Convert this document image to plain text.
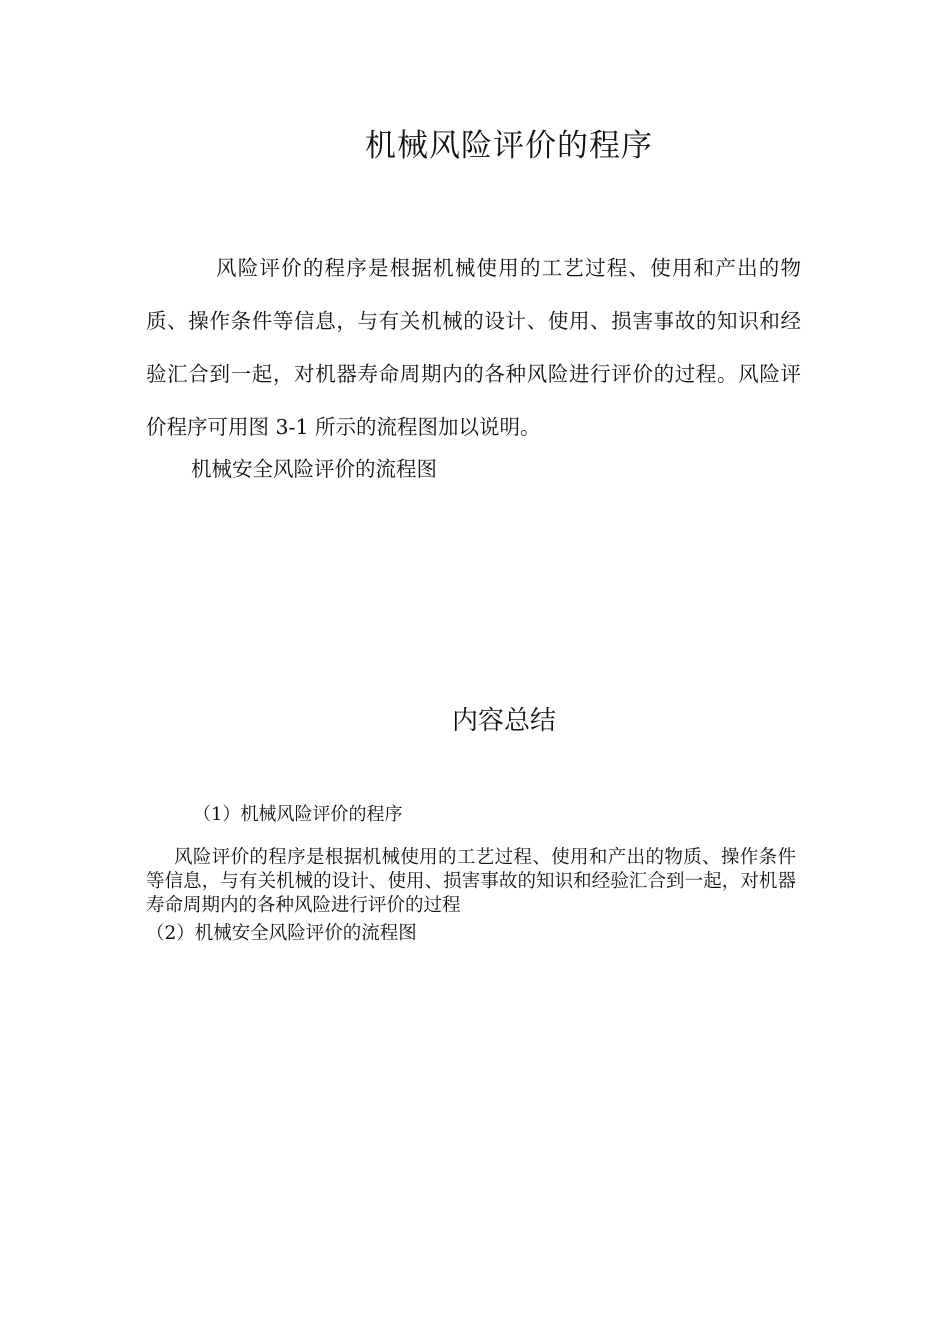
机械风险评价的程序

风险评价的程序是根据机械使用的工艺过程、使用和产出的物质、操作条件等信息，与有关机械的设计、使用、损害事故的知识和经验汇合到一起，对机器寿命周期内的各种风险进行评价的过程。风险评价程序可用图 3-1 所示的流程图加以说明。

机械安全风险评价的流程图

内容总结

（1）机械风险评价的程序

风险评价的程序是根据机械使用的工艺过程、使用和产出的物质、操作条件等信息，与有关机械的设计、使用、损害事故的知识和经验汇合到一起，对机器寿命周期内的各种风险进行评价的过程

（2）机械安全风险评价的流程图
